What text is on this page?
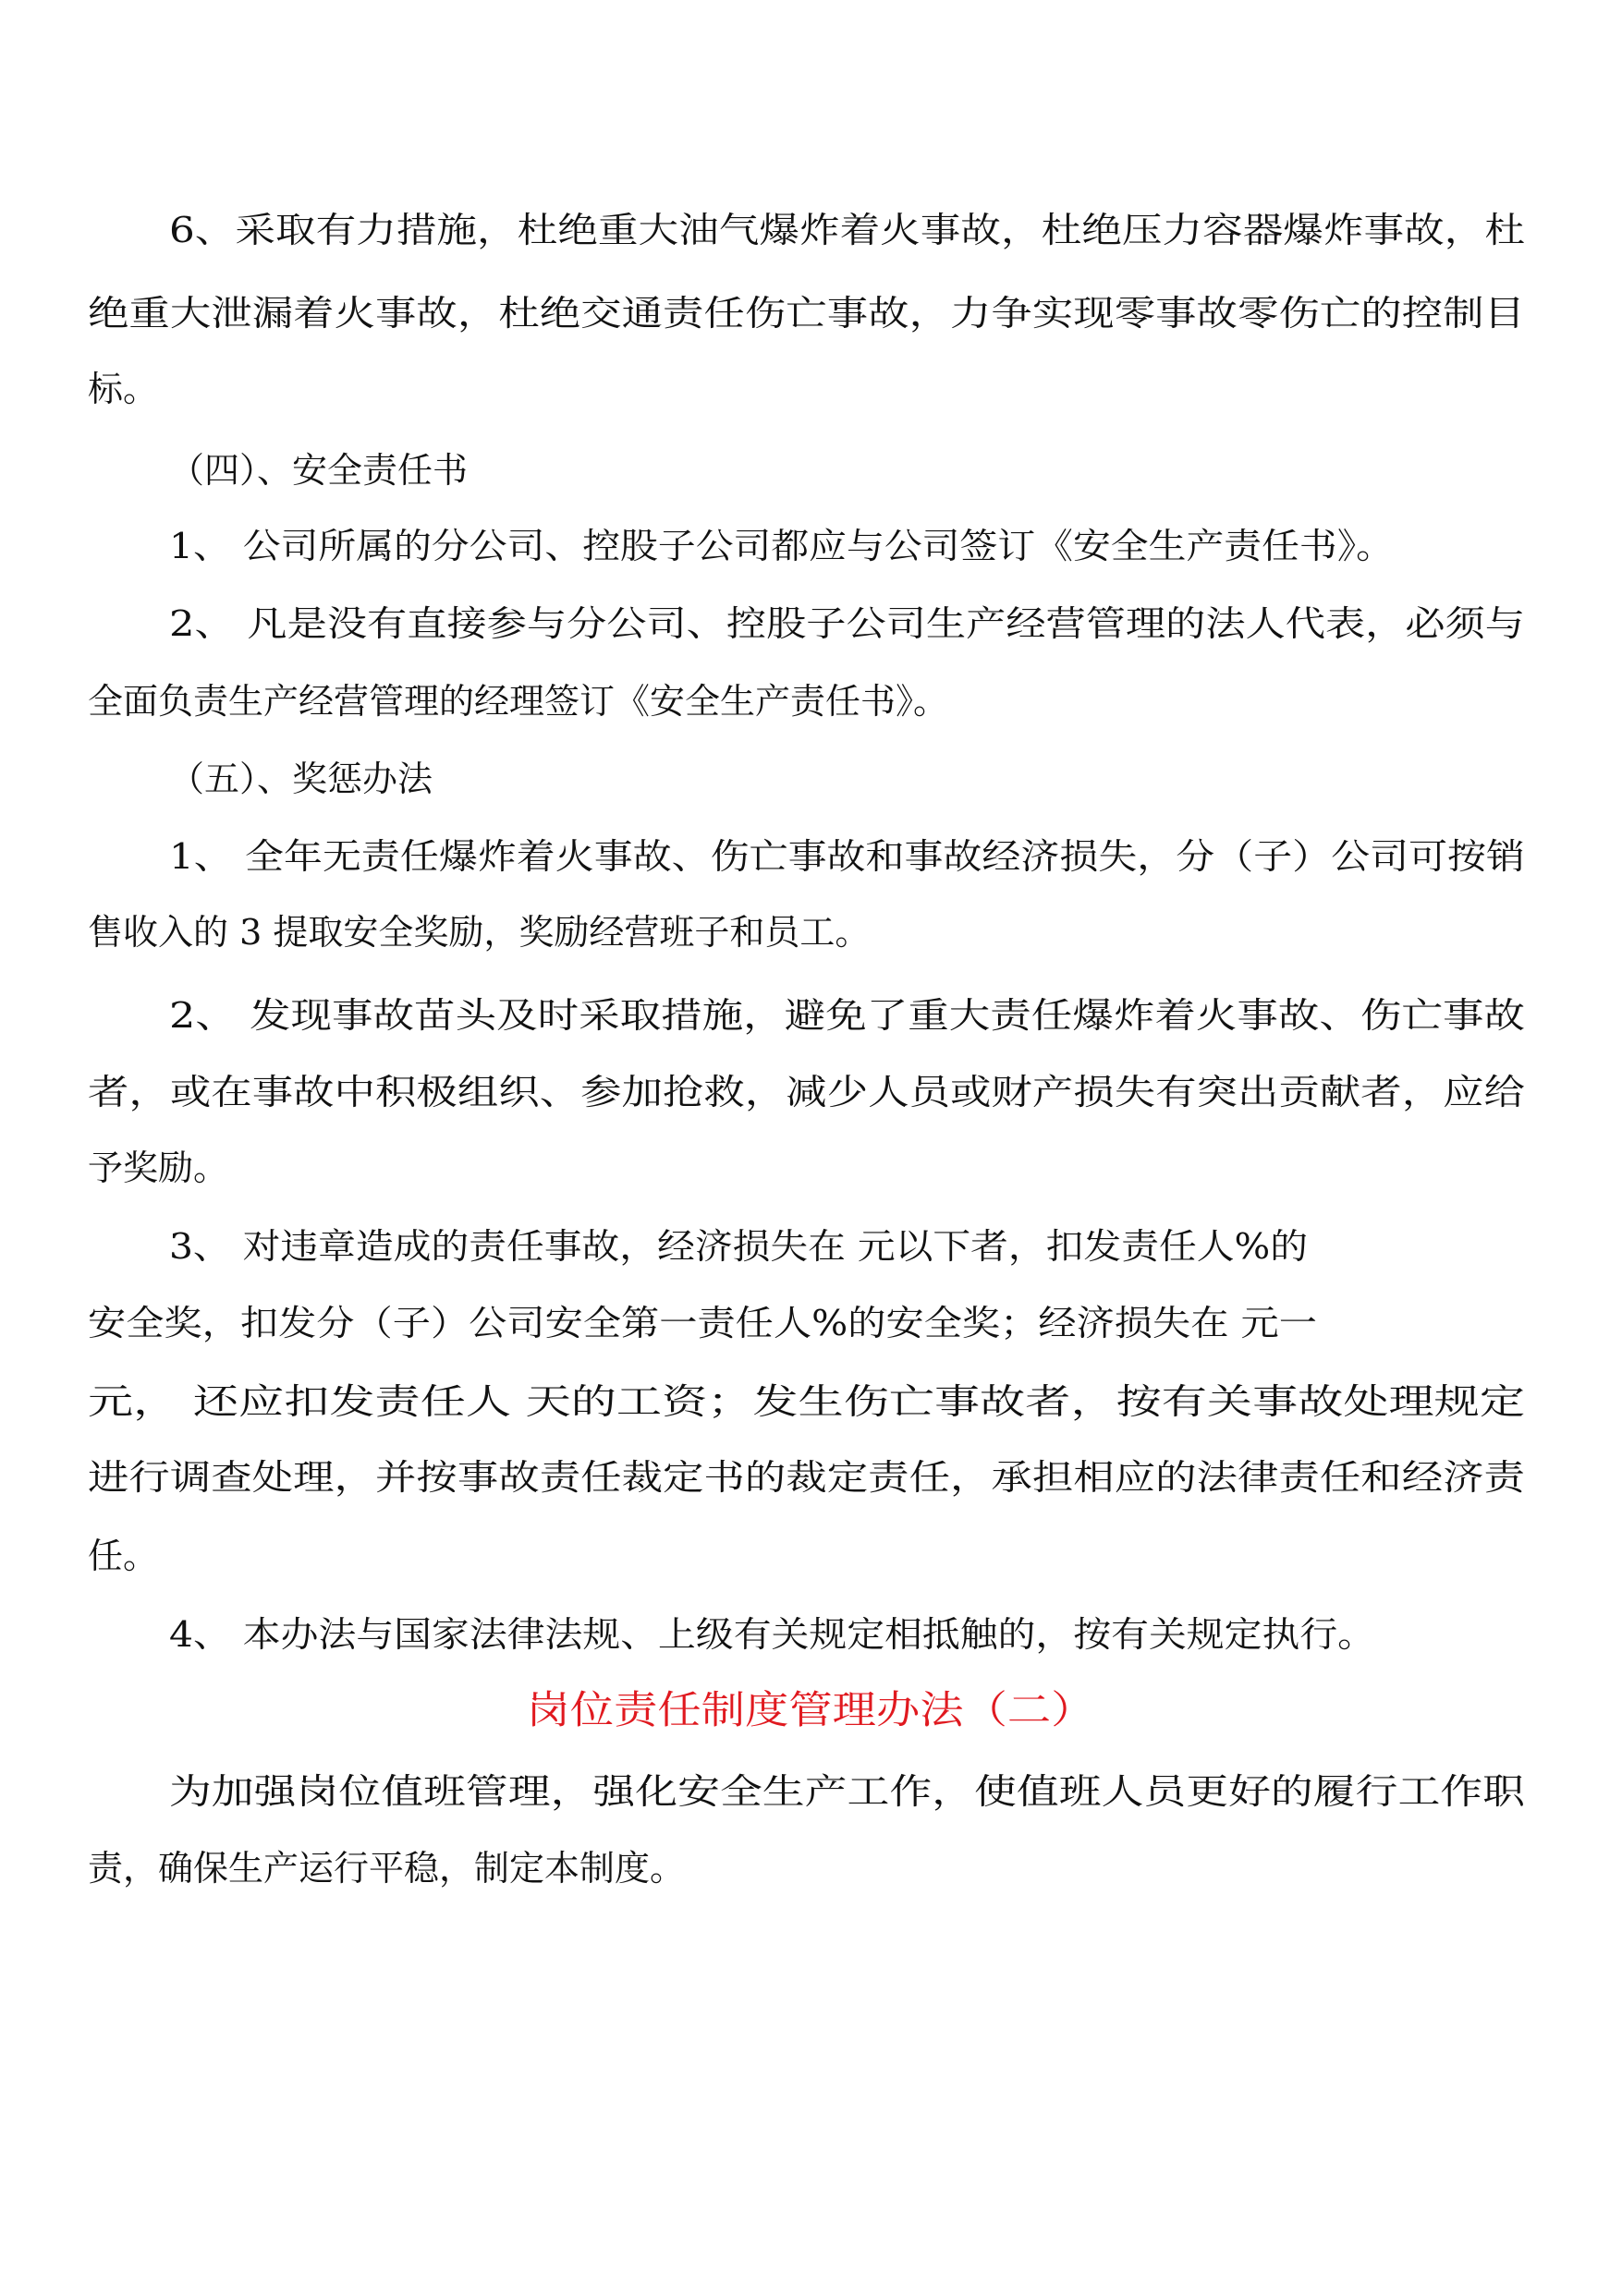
6、采取有力措施，杜绝重大油气爆炸着火事故，杜绝压力容器爆炸事故，杜
绝重大泄漏着火事故，杜绝交通责任伤亡事故，力争实现零事故零伤亡的控制目
标。
（四）、安全责任书
1、 公司所属的分公司、控股子公司都应与公司签订《安全生产责任书》。
2、 凡是没有直接参与分公司、控股子公司生产经营管理的法人代表，必须与
全面负责生产经营管理的经理签订《安全生产责任书》。
（五）、奖惩办法
1、 全年无责任爆炸着火事故、伤亡事故和事故经济损失，分（子）公司可按销
售收入的 3 提取安全奖励，奖励经营班子和员工。
2、 发现事故苗头及时采取措施，避免了重大责任爆炸着火事故、伤亡事故
者，或在事故中积极组织、参加抢救，减少人员或财产损失有突出贡献者，应给
予奖励。
3、 对违章造成的责任事故，经济损失在 元以下者，扣发责任人%的
安全奖，扣发分（子）公司安全第一责任人%的安全奖；经济损失在 元一
元， 还应扣发责任人 天的工资；发生伤亡事故者，按有关事故处理规定
进行调查处理，并按事故责任裁定书的裁定责任，承担相应的法律责任和经济责
任。
4、 本办法与国家法律法规、上级有关规定相抵触的，按有关规定执行。
岗位责任制度管理办法（二）
为加强岗位值班管理，强化安全生产工作，使值班人员更好的履行工作职
责，确保生产运行平稳，制定本制度。
